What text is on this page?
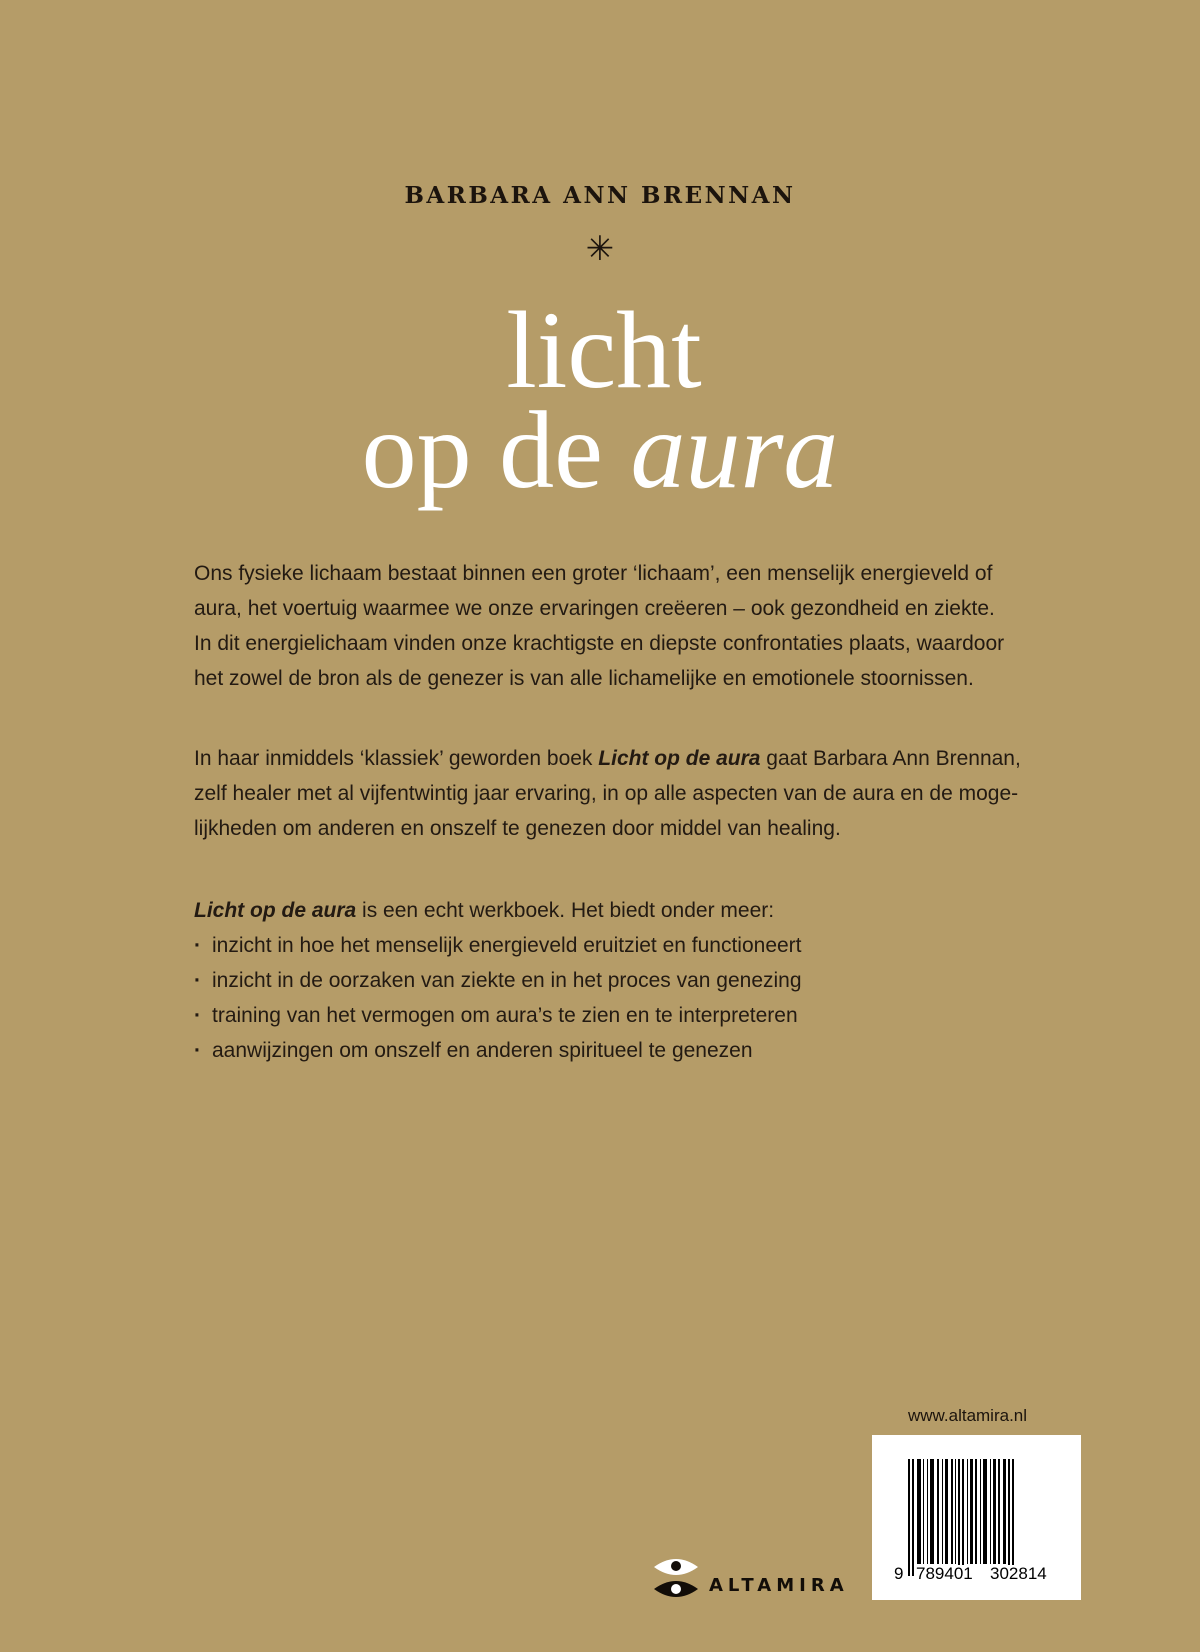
BARBARA ANN BRENNAN
✳
licht
op de aura
Ons fysieke lichaam bestaat binnen een groter ‘lichaam’, een menselijk energieveld of
aura, het voertuig waarmee we onze ervaringen creëeren – ook gezondheid en ziekte.
In dit energielichaam vinden onze krachtigste en diepste confrontaties plaats, waardoor
het zowel de bron als de genezer is van alle lichamelijke en emotionele stoornissen.
In haar inmiddels ‘klassiek’ geworden boek Licht op de aura gaat Barbara Ann Brennan,
zelf healer met al vijfentwintig jaar ervaring, in op alle aspecten van de aura en de moge-
lijkheden om anderen en onszelf te genezen door middel van healing.
Licht op de aura is een echt werkboek. Het biedt onder meer:
· inzicht in hoe het menselijk energieveld eruitziet en functioneert
· inzicht in de oorzaken van ziekte en in het proces van genezing
· training van het vermogen om aura’s te zien en te interpreteren
· aanwijzingen om onszelf en anderen spiritueel te genezen
www.altamira.nl
9 789401 302814
ALTAMIRA
